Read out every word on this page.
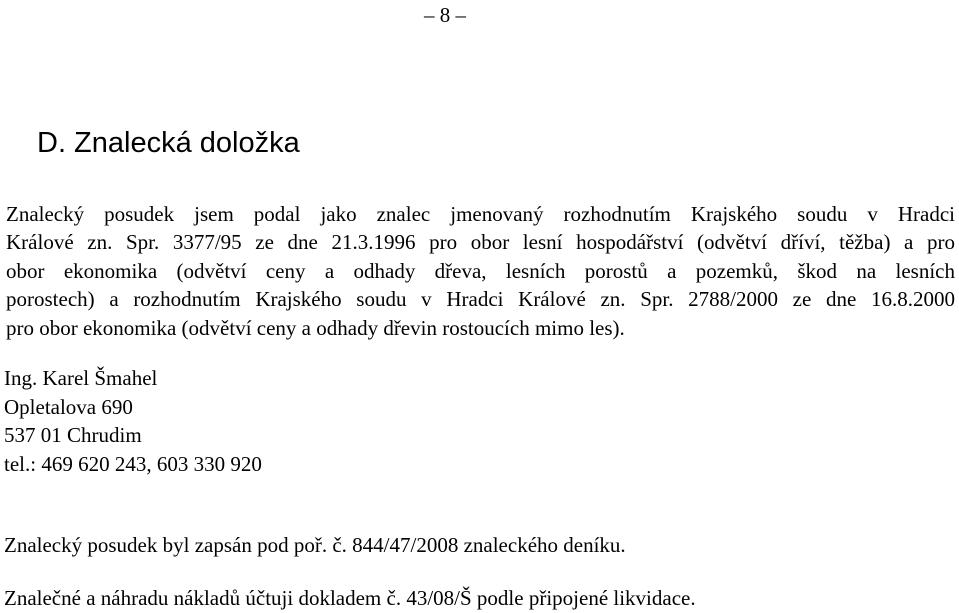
– 8 –
D. Znalecká doložka
Znalecký posudek jsem podal jako znalec jmenovaný rozhodnutím Krajského soudu v Hradci
Králové zn. Spr. 3377/95 ze dne 21.3.1996 pro obor lesní hospodářství (odvětví dříví, těžba) a pro
obor ekonomika (odvětví ceny a odhady dřeva, lesních porostů a pozemků, škod na lesních
porostech) a rozhodnutím Krajského soudu v Hradci Králové zn. Spr. 2788/2000 ze dne 16.8.2000
pro obor ekonomika (odvětví ceny a odhady dřevin rostoucích mimo les).
Ing. Karel Šmahel
Opletalova 690
537 01 Chrudim
tel.: 469 620 243, 603 330 920
Znalecký posudek byl zapsán pod poř. č. 844/47/2008 znaleckého deníku.
Znalečné a náhradu nákladů účtuji dokladem č. 43/08/Š podle připojené likvidace.
